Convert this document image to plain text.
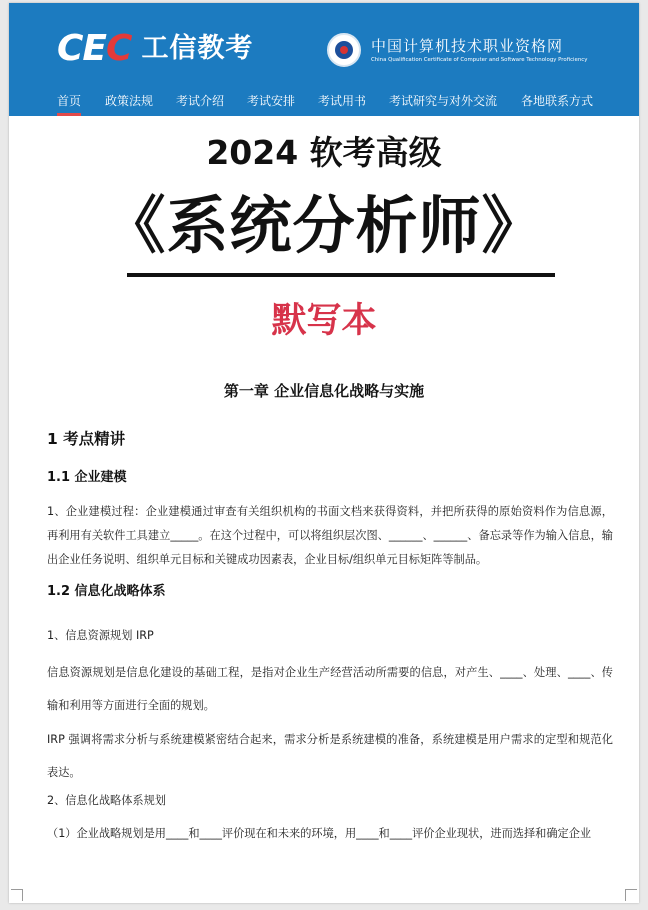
CEC 工信教考	中国计算机技术职业资格网
China Qualification Certificate of Computer and Software Technology Proficiency
首页 政策法规 考试介绍 考试安排 考试用书 考试研究与对外交流 各地联系方式
2024 软考高级
《系统分析师》
默写本
第一章 企业信息化战略与实施
1 考点精讲
1.1 企业建模
1、企业建模过程：企业建模通过审查有关组织机构的书面文档来获得资料，并把所获得的原始资料作为信息源，再利用有关软件工具建立_____。在这个过程中，可以将组织层次图、______、______、备忘录等作为输入信息，输出企业任务说明、组织单元目标和关键成功因素表，企业目标/组织单元目标矩阵等制品。
1.2 信息化战略体系
1、信息资源规划 IRP
信息资源规划是信息化建设的基础工程，是指对企业生产经营活动所需要的信息，对产生、____、处理、____、传输和利用等方面进行全面的规划。
IRP 强调将需求分析与系统建模紧密结合起来，需求分析是系统建模的准备，系统建模是用户需求的定型和规范化表达。
2、信息化战略体系规划
（1）企业战略规划是用____和____评价现在和未来的环境，用____和____评价企业现状，进而选择和确定企业
